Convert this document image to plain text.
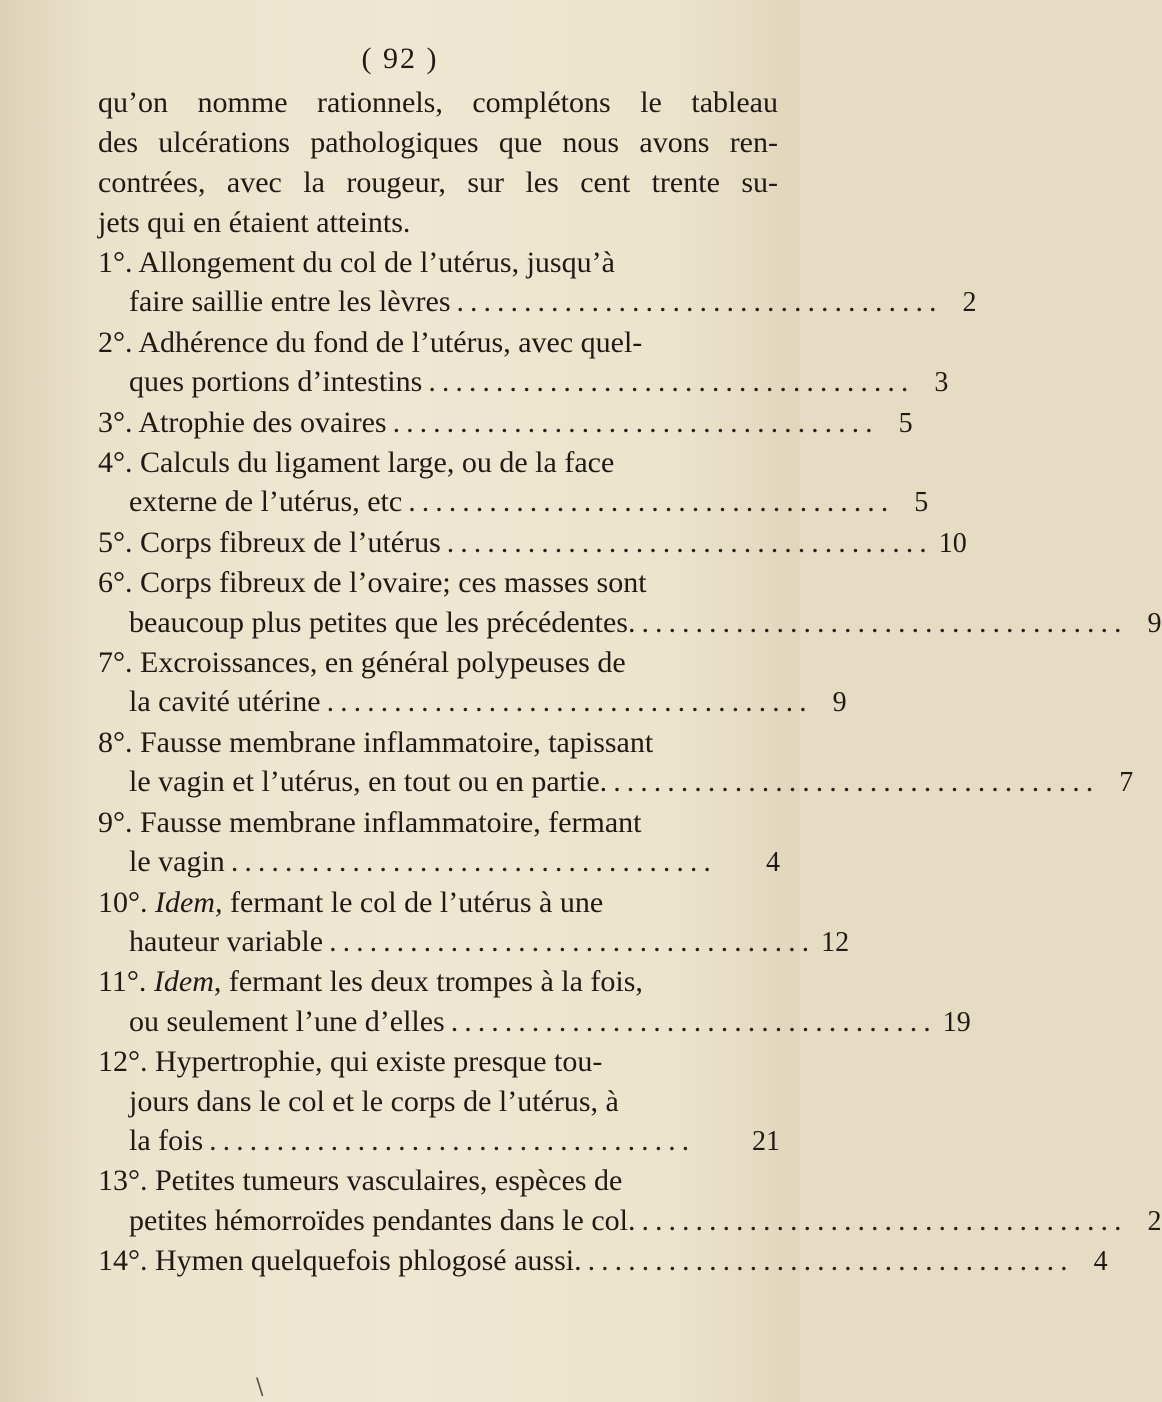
( 92 )
qu’on nomme rationnels, complétons le tableau
des ulcérations pathologiques que nous avons ren-
contrées, avec la rougeur, sur les cent trente su-
jets qui en étaient atteints.
1°. Allongement du col de l’utérus, jusqu’à
faire saillie entre les lèvres .................................... 2
2°. Adhérence du fond de l’utérus, avec quel-
ques portions d’intestins .................................... 3
3°. Atrophie des ovaires .................................... 5
4°. Calculs du ligament large, ou de la face
externe de l’utérus, etc .................................... 5
5°. Corps fibreux de l’utérus .................................... 10
6°. Corps fibreux de l’ovaire; ces masses sont
beaucoup plus petites que les précédentes. .................................... 9
7°. Excroissances, en général polypeuses de
la cavité utérine .................................... 9
8°. Fausse membrane inflammatoire, tapissant
le vagin et l’utérus, en tout ou en partie. .................................... 7
9°. Fausse membrane inflammatoire, fermant
le vagin ....................................	4
10°. Idem, fermant le col de l’utérus à une
hauteur variable .................................... 12
11°. Idem, fermant les deux trompes à la fois,
ou seulement l’une d’elles .................................... 19
12°. Hypertrophie, qui existe presque tou-
jours dans le col et le corps de l’utérus, à
la fois ....................................	21
13°. Petites tumeurs vasculaires, espèces de
petites hémorroïdes pendantes dans le col. .................................... 2
14°. Hymen quelquefois phlogosé aussi. .................................... 4
\
